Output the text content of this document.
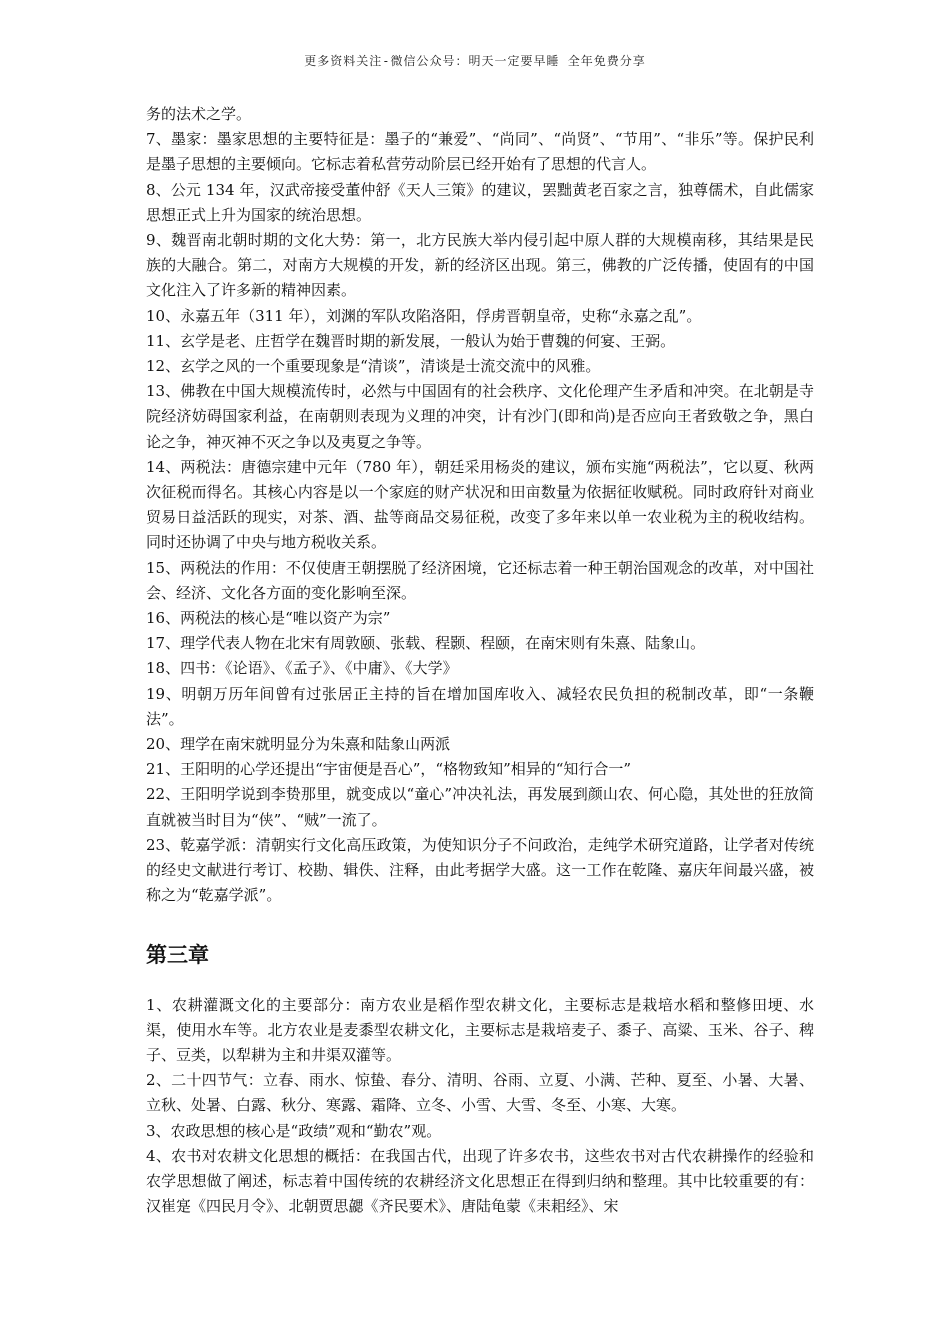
更多资料关注-微信公众号：明天一定要早睡 全年免费分享

务的法术之学。

7、墨家：墨家思想的主要特征是：墨子的“兼爱”、“尚同”、“尚贤”、“节用”、“非乐”等。保护民利是墨子思想的主要倾向。它标志着私营劳动阶层已经开始有了思想的代言人。

8、公元 134 年，汉武帝接受董仲舒《天人三策》的建议，罢黜黄老百家之言，独尊儒术，自此儒家思想正式上升为国家的统治思想。

9、魏晋南北朝时期的文化大势：第一，北方民族大举内侵引起中原人群的大规模南移，其结果是民族的大融合。第二，对南方大规模的开发，新的经济区出现。第三，佛教的广泛传播，使固有的中国文化注入了许多新的精神因素。

10、永嘉五年（311 年），刘渊的军队攻陷洛阳，俘虏晋朝皇帝，史称“永嘉之乱”。

11、玄学是老、庄哲学在魏晋时期的新发展，一般认为始于曹魏的何宴、王弼。

12、玄学之风的一个重要现象是“清谈”，清谈是士流交流中的风雅。

13、佛教在中国大规模流传时，必然与中国固有的社会秩序、文化伦理产生矛盾和冲突。在北朝是寺院经济妨碍国家利益，在南朝则表现为义理的冲突，计有沙门(即和尚)是否应向王者致敬之争，黑白论之争，神灭神不灭之争以及夷夏之争等。

14、两税法：唐德宗建中元年（780 年），朝廷采用杨炎的建议，颁布实施“两税法”，它以夏、秋两次征税而得名。其核心内容是以一个家庭的财产状况和田亩数量为依据征收赋税。同时政府针对商业贸易日益活跃的现实，对茶、酒、盐等商品交易征税，改变了多年来以单一农业税为主的税收结构。同时还协调了中央与地方税收关系。

15、两税法的作用：不仅使唐王朝摆脱了经济困境，它还标志着一种王朝治国观念的改革，对中国社会、经济、文化各方面的变化影响至深。

16、两税法的核心是“唯以资产为宗”

17、理学代表人物在北宋有周敦颐、张载、程颢、程颐，在南宋则有朱熹、陆象山。

18、四书：《论语》、《孟子》、《中庸》、《大学》

19、明朝万历年间曾有过张居正主持的旨在增加国库收入、减轻农民负担的税制改革，即“一条鞭法”。

20、理学在南宋就明显分为朱熹和陆象山两派

21、王阳明的心学还提出“宇宙便是吾心”，“格物致知”相异的“知行合一”

22、王阳明学说到李贽那里，就变成以“童心”冲决礼法，再发展到颜山农、何心隐，其处世的狂放简直就被当时目为“侠”、“贼”一流了。

23、乾嘉学派：清朝实行文化高压政策，为使知识分子不问政治，走纯学术研究道路，让学者对传统的经史文献进行考订、校勘、辑佚、注释，由此考据学大盛。这一工作在乾隆、嘉庆年间最兴盛，被称之为“乾嘉学派”。

第三章

1、农耕灌溉文化的主要部分：南方农业是稻作型农耕文化，主要标志是栽培水稻和整修田埂、水渠，使用水车等。北方农业是麦黍型农耕文化，主要标志是栽培麦子、黍子、高粱、玉米、谷子、稗子、豆类，以犁耕为主和井渠双灌等。

2、二十四节气：立春、雨水、惊蛰、春分、清明、谷雨、立夏、小满、芒种、夏至、小暑、大暑、立秋、处暑、白露、秋分、寒露、霜降、立冬、小雪、大雪、冬至、小寒、大寒。

3、农政思想的核心是“政绩”观和“勤农”观。

4、农书对农耕文化思想的概括：在我国古代，出现了许多农书，这些农书对古代农耕操作的经验和农学思想做了阐述，标志着中国传统的农耕经济文化思想正在得到归纳和整理。其中比较重要的有：汉崔寔《四民月令》、北朝贾思勰《齐民要术》、唐陆龟蒙《耒耜经》、宋
